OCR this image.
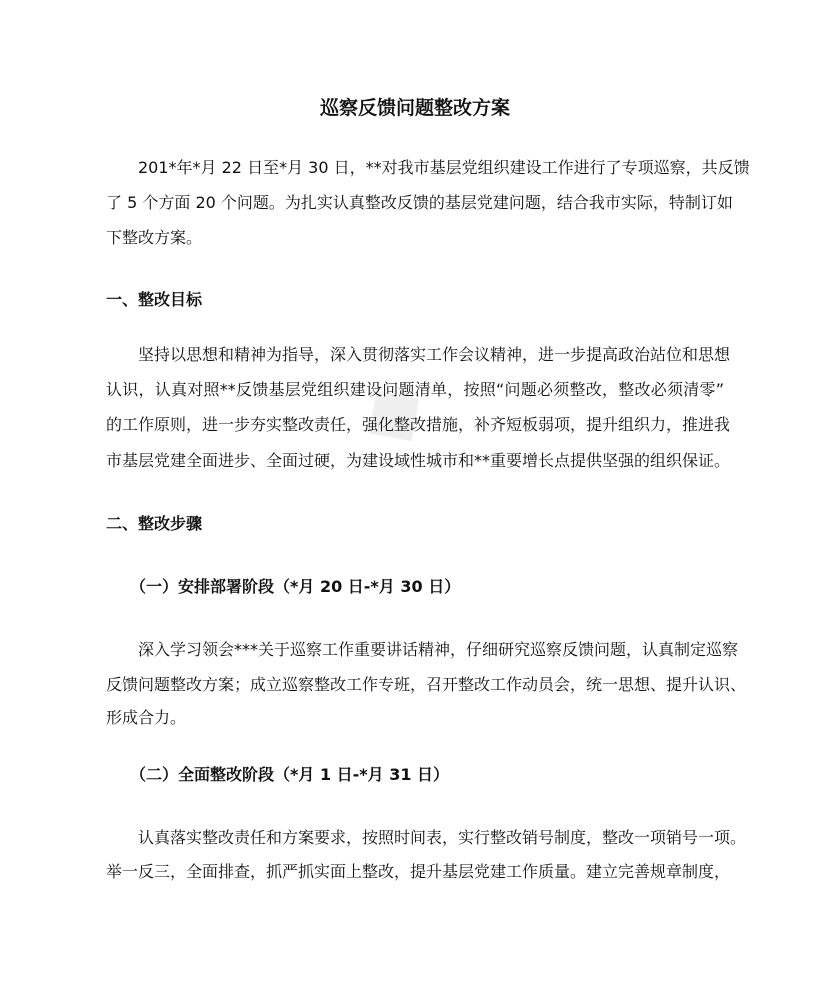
◆
巡察反馈问题整改方案
201*年*月 22 日至*月 30 日，**对我市基层党组织建设工作进行了专项巡察，共反馈
了 5 个方面 20 个问题。为扎实认真整改反馈的基层党建问题，结合我市实际，特制订如
下整改方案。
一、整改目标
坚持以思想和精神为指导，深入贯彻落实工作会议精神，进一步提高政治站位和思想
认识，认真对照**反馈基层党组织建设问题清单，按照“问题必须整改，整改必须清零”
的工作原则，进一步夯实整改责任，强化整改措施，补齐短板弱项，提升组织力，推进我
市基层党建全面进步、全面过硬，为建设域性城市和**重要增长点提供坚强的组织保证。
二、整改步骤
（一）安排部署阶段（*月 20 日-*月 30 日）
深入学习领会***关于巡察工作重要讲话精神，仔细研究巡察反馈问题，认真制定巡察
反馈问题整改方案；成立巡察整改工作专班，召开整改工作动员会，统一思想、提升认识、
形成合力。
（二）全面整改阶段（*月 1 日-*月 31 日）
认真落实整改责任和方案要求，按照时间表，实行整改销号制度，整改一项销号一项。
举一反三，全面排查，抓严抓实面上整改，提升基层党建工作质量。建立完善规章制度，
